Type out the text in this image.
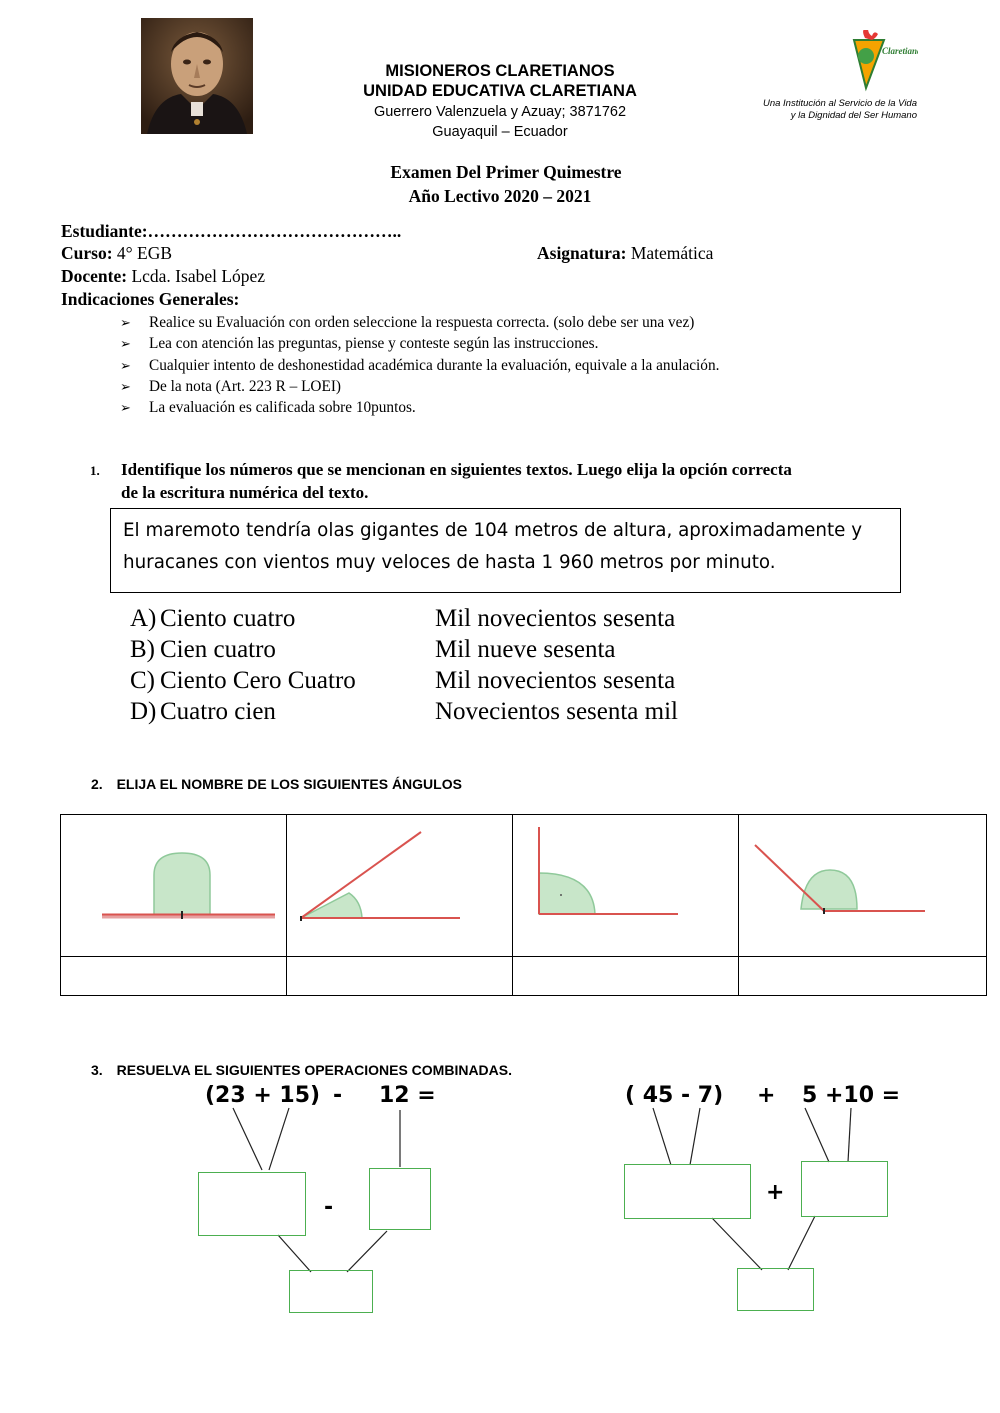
MISIONEROS CLARETIANOS
UNIDAD EDUCATIVA CLARETIANA
Guerrero Valenzuela y Azuay; 3871762
Guayaquil – Ecuador
Claretiana
Una Institución al Servicio de la Vida
y la Dignidad del Ser Humano
Examen Del Primer Quimestre
Año Lectivo 2020 – 2021
Estudiante:……………………………………..
Curso: 4° EGB	Asignatura: Matemática
Docente: Lcda. Isabel López
Indicaciones Generales:
➢ Realice su Evaluación con orden seleccione la respuesta correcta. (solo debe ser una vez)
➢ Lea con atención las preguntas, piense y conteste según las instrucciones.
➢ Cualquier intento de deshonestidad académica durante la evaluación, equivale a la anulación.
➢ De la nota (Art. 223 R – LOEI)
➢ La evaluación es calificada sobre 10puntos.
1. Identifique los números que se mencionan en siguientes textos. Luego elija la opción correcta
de la escritura numérica del texto.
El maremoto tendría olas gigantes de 104 metros de altura, aproximadamente y
huracanes con vientos muy veloces de hasta 1 960 metros por minuto.
A) Ciento cuatro	Mil novecientos sesenta
B) Cien cuatro	Mil nueve sesenta
C) Ciento Cero Cuatro	Mil novecientos sesenta
D) Cuatro cien	Novecientos sesenta mil
2. ELIJA EL NOMBRE DE LOS SIGUIENTES ÁNGULOS

3. RESUELVA EL SIGUIENTES OPERACIONES COMBINADAS.
(23 + 15) - 12 =
-
( 45 - 7) + 5 +10 =
+
